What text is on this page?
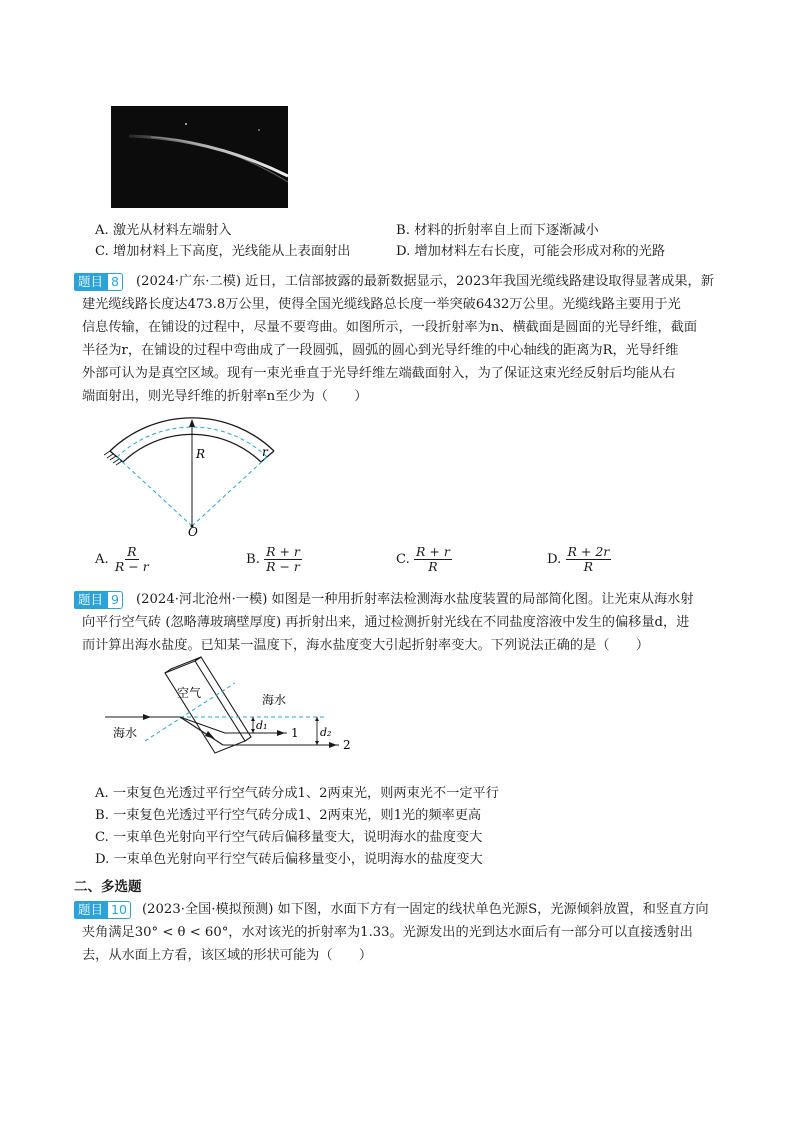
A. 激光从材料左端射入	B. 材料的折射率自上而下逐渐减小
C. 增加材料上下高度，光线能从上表面射出	D. 增加材料左右长度，可能会形成对称的光路
题目 8	(2024·广东·二模) 近日，工信部披露的最新数据显示，2023年我国光缆线路建设取得显著成果，新
建光缆线路长度达473.8万公里，使得全国光缆线路总长度一举突破6432万公里。光缆线路主要用于光
信息传输，在铺设的过程中，尽量不要弯曲。如图所示，一段折射率为n、横截面是圆面的光导纤维，截面
半径为r，在铺设的过程中弯曲成了一段圆弧，圆弧的圆心到光导纤维的中心轴线的距离为R，光导纤维
外部可认为是真空区域。现有一束光垂直于光导纤维左端截面射入，为了保证这束光经反射后均能从右
端面射出，则光导纤维的折射率n至少为（　　）
R	r
O
A. $\frac{R}{R - r}$	B. $\frac{R + r}{R - r}$	C. $\frac{R + r}{R}$	D. $\frac{R + 2r}{R}$
题目 9	(2024·河北沧州·一模) 如图是一种用折射率法检测海水盐度装置的局部简化图。让光束从海水射
向平行空气砖 (忽略薄玻璃壁厚度) 再折射出来，通过检测折射光线在不同盐度溶液中发生的偏移量d，进
而计算出海水盐度。已知某一温度下，海水盐度变大引起折射率变大。下列说法正确的是（　　）
空气	海水
海水
d₁
d₂
1
2
A. 一束复色光透过平行空气砖分成1、2两束光，则两束光不一定平行
B. 一束复色光透过平行空气砖分成1、2两束光，则1光的频率更高
C. 一束单色光射向平行空气砖后偏移量变大，说明海水的盐度变大
D. 一束单色光射向平行空气砖后偏移量变小，说明海水的盐度变大
二、多选题
题目 10	(2023·全国·模拟预测) 如下图，水面下方有一固定的线状单色光源S，光源倾斜放置，和竖直方向
夹角满足30° < θ < 60°，水对该光的折射率为1.33。光源发出的光到达水面后有一部分可以直接透射出
去，从水面上方看，该区域的形状可能为（　　）
